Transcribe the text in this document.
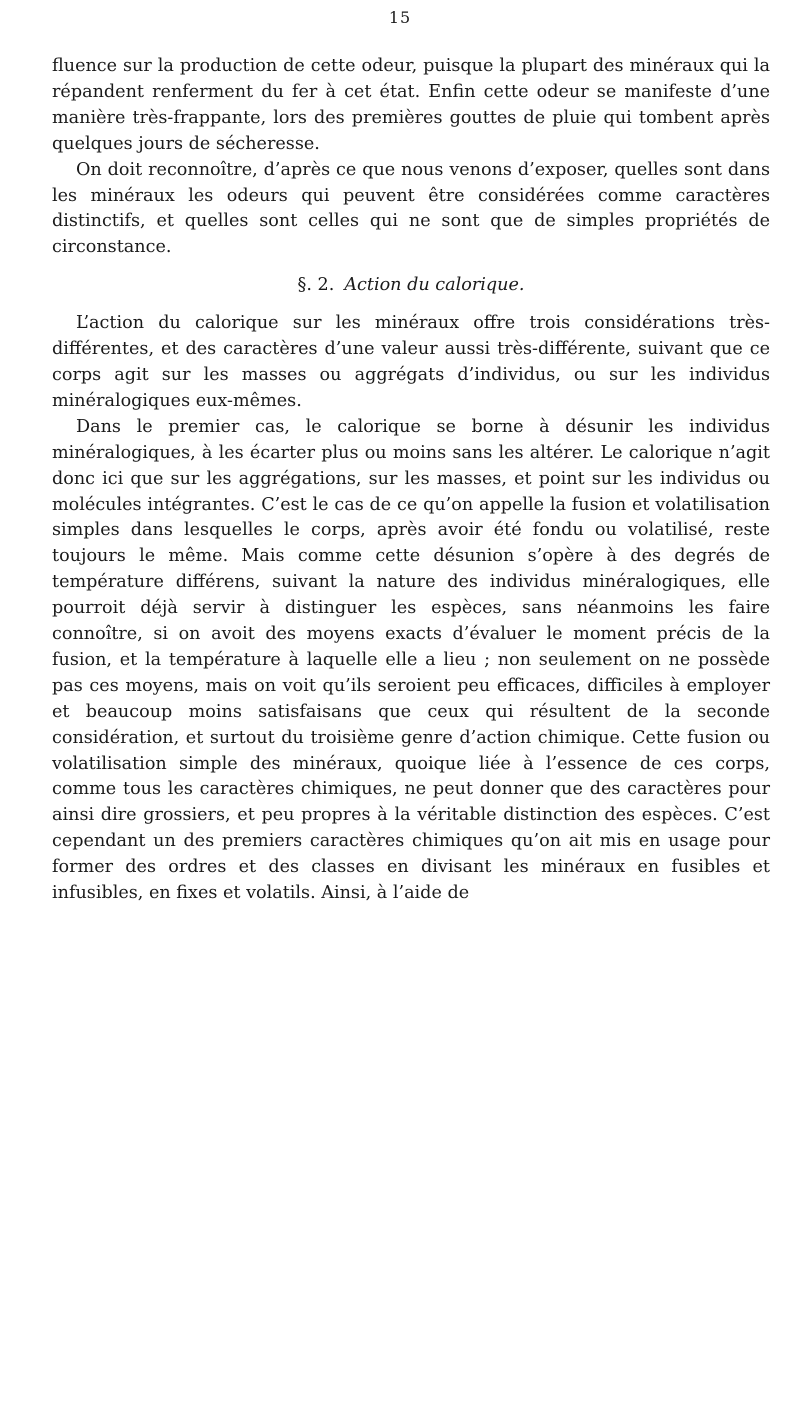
15

fluence sur la production de cette odeur, puisque la plupart des minéraux qui la répandent renferment du fer à cet état. Enfin cette odeur se manifeste d’une manière très-frappante, lors des premières gouttes de pluie qui tombent après quelques jours de sécheresse.

On doit reconnoître, d’après ce que nous venons d’exposer, quelles sont dans les minéraux les odeurs qui peuvent être considérées comme caractères distinctifs, et quelles sont celles qui ne sont que de simples propriétés de circonstance.

§. 2. Action du calorique.

L’action du calorique sur les minéraux offre trois considérations très-différentes, et des caractères d’une valeur aussi très-différente, suivant que ce corps agit sur les masses ou aggrégats d’individus, ou sur les individus minéralogiques eux-mêmes.

Dans le premier cas, le calorique se borne à désunir les individus minéralogiques, à les écarter plus ou moins sans les altérer. Le calorique n’agit donc ici que sur les aggrégations, sur les masses, et point sur les individus ou molécules intégrantes. C’est le cas de ce qu’on appelle la fusion et volatilisation simples dans lesquelles le corps, après avoir été fondu ou volatilisé, reste toujours le même. Mais comme cette désunion s’opère à des degrés de température différens, suivant la nature des individus minéralogiques, elle pourroit déjà servir à distinguer les espèces, sans néanmoins les faire connoître, si on avoit des moyens exacts d’évaluer le moment précis de la fusion, et la température à laquelle elle a lieu ; non seulement on ne possède pas ces moyens, mais on voit qu’ils seroient peu efficaces, difficiles à employer et beaucoup moins satisfaisans que ceux qui résultent de la seconde considération, et surtout du troisième genre d’action chimique. Cette fusion ou volatilisation simple des minéraux, quoique liée à l’essence de ces corps, comme tous les caractères chimiques, ne peut donner que des caractères pour ainsi dire grossiers, et peu propres à la véritable distinction des espèces. C’est cependant un des premiers caractères chimiques qu’on ait mis en usage pour former des ordres et des classes en divisant les minéraux en fusibles et infusibles, en fixes et volatils. Ainsi, à l’aide de
